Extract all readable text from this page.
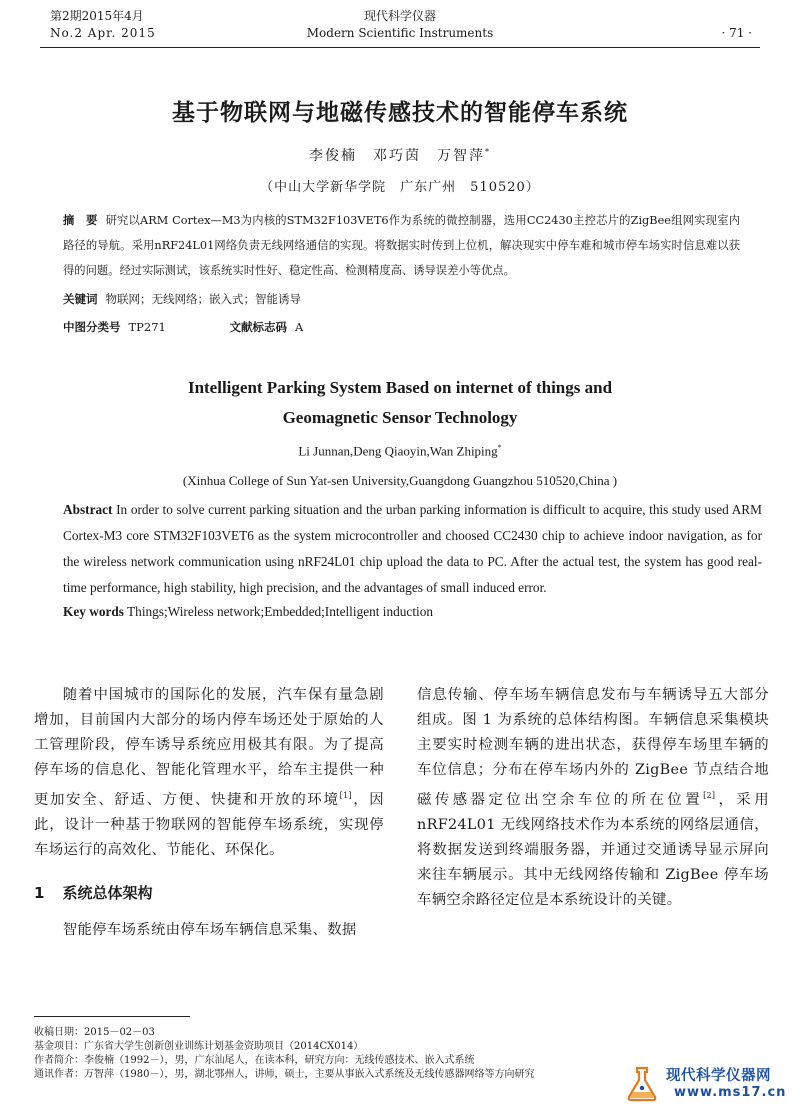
第2期2015年4月
No.2 Apr. 2015
现代科学仪器
Modern Scientific Instruments	· 71 ·
基于物联网与地磁传感技术的智能停车系统
李俊楠　邓巧茵　万智萍*
（中山大学新华学院　广东广州　510520）
摘　要 研究以ARM Cortex—M3为内核的STM32F103VET6作为系统的微控制器，选用CC2430主控芯片的ZigBee组网实现室内路径的导航。采用nRF24L01网络负责无线网络通信的实现。将数据实时传到上位机，解决现实中停车难和城市停车场实时信息难以获得的问题。经过实际测试，该系统实时性好、稳定性高、检测精度高、诱导误差小等优点。
关键词 物联网；无线网络；嵌入式；智能诱导
中图分类号 TP271	文献标志码 A
Intelligent Parking System Based on internet of things and
Geomagnetic Sensor Technology
Li Junnan,Deng Qiaoyin,Wan Zhiping*
(Xinhua College of Sun Yat-sen University,Guangdong Guangzhou 510520,China )
Abstract In order to solve current parking situation and the urban parking information is difficult to acquire, this study used ARM Cortex-M3 core STM32F103VET6 as the system microcontroller and choosed CC2430 chip to achieve indoor navigation, as for the wireless network communication using nRF24L01 chip upload the data to PC. After the actual test, the system has good real-time performance, high stability, high precision, and the advantages of small induced error.
Key words Things;Wireless network;Embedded;Intelligent induction
随着中国城市的国际化的发展，汽车保有量急剧增加，目前国内大部分的场内停车场还处于原始的人工管理阶段，停车诱导系统应用极其有限。为了提高停车场的信息化、智能化管理水平，给车主提供一种更加安全、舒适、方便、快捷和开放的环境[1]，因此，设计一种基于物联网的智能停车场系统，实现停车场运行的高效化、节能化、环保化。
1 系统总体架构
智能停车场系统由停车场车辆信息采集、数据
信息传输、停车场车辆信息发布与车辆诱导五大部分组成。图 1 为系统的总体结构图。车辆信息采集模块主要实时检测车辆的进出状态，获得停车场里车辆的车位信息；分布在停车场内外的 ZigBee 节点结合地磁传感器定位出空余车位的所在位置[2]，采用 nRF24L01 无线网络技术作为本系统的网络层通信，将数据发送到终端服务器，并通过交通诱导显示屏向来往车辆展示。其中无线网络传输和 ZigBee 停车场车辆空余路径定位是本系统设计的关键。
收稿日期：2015－02－03
基金项目：广东省大学生创新创业训练计划基金资助项目（2014CX014）
作者简介：李俊楠（1992－），男，广东汕尾人，在读本科，研究方向：无线传感技术、嵌入式系统
通讯作者：万智萍（1980－），男，湖北鄂州人，讲师，硕士，主要从事嵌入式系统及无线传感器网络等方向研究	现代科学仪器网
www.ms17.cn
